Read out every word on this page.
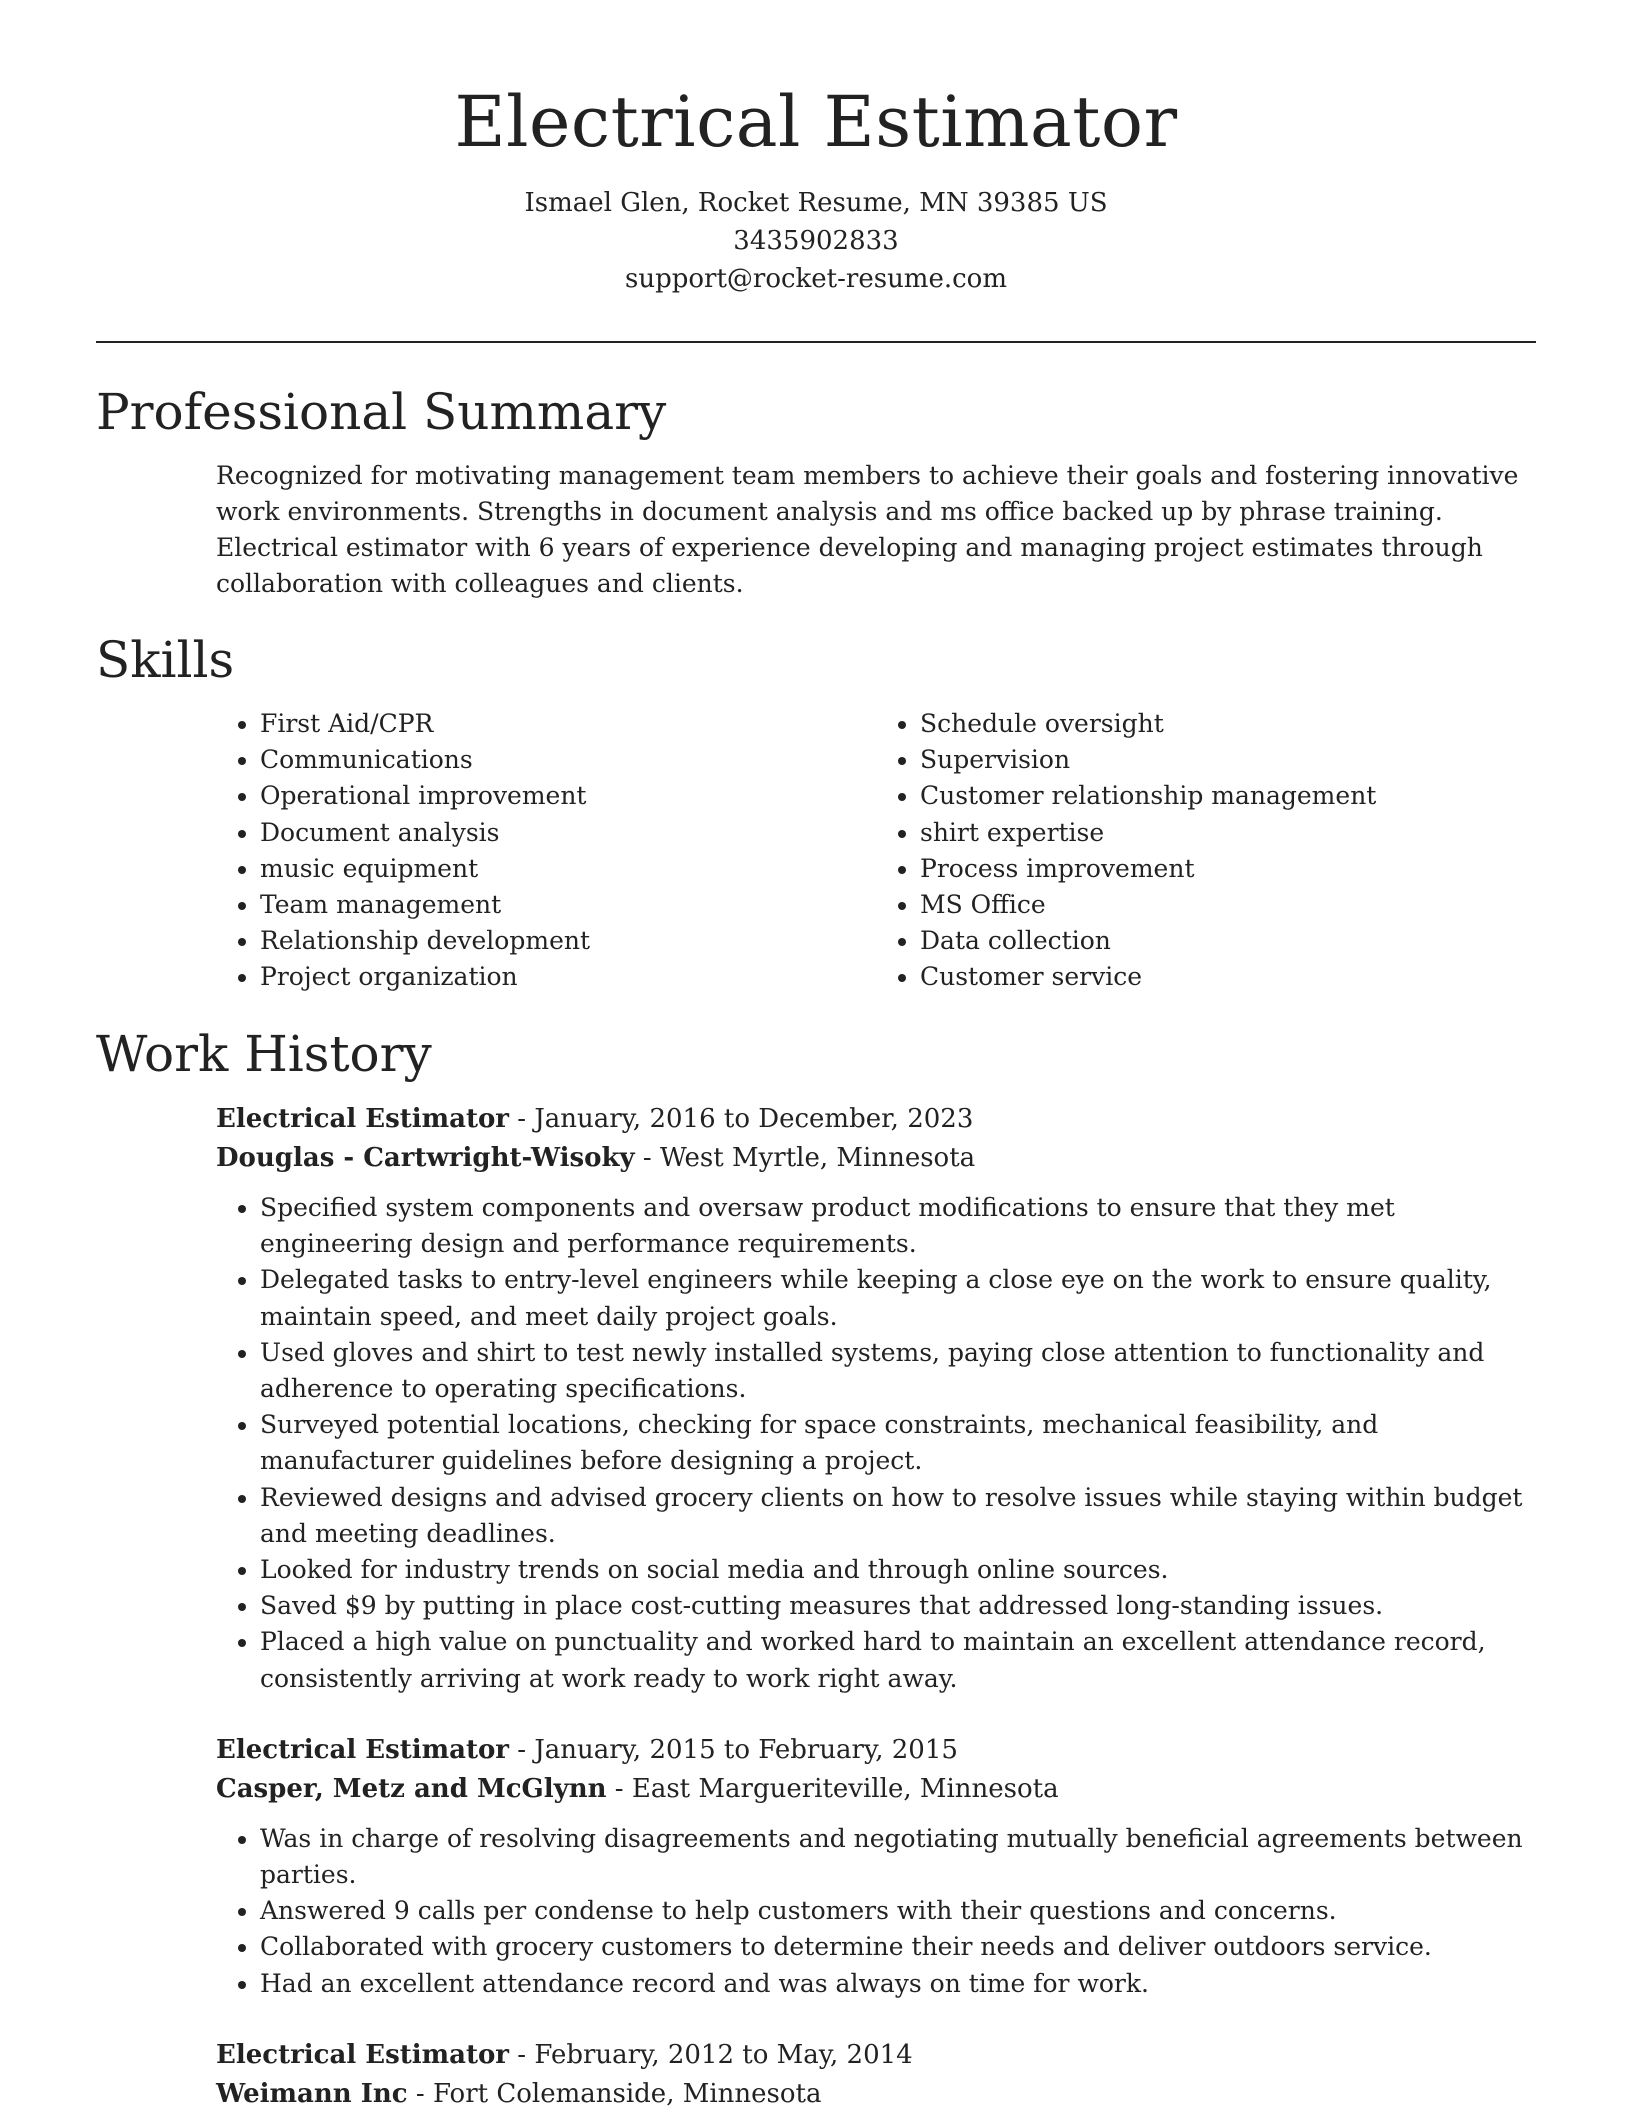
Electrical Estimator
Ismael Glen, Rocket Resume, MN 39385 US
3435902833
support@rocket-resume.com
Professional Summary

Recognized for motivating management team members to achieve their goals and fostering innovative work environments. Strengths in document analysis and ms office backed up by phrase training. Electrical estimator with 6 years of experience developing and managing project estimates through collaboration with colleagues and clients.

Skills
• First Aid/CPR
• Communications
• Operational improvement
• Document analysis
• music equipment
• Team management
• Relationship development
• Project organization
• Schedule oversight
• Supervision
• Customer relationship management
• shirt expertise
• Process improvement
• MS Office
• Data collection
• Customer service
Work History
Electrical Estimator - January, 2016 to December, 2023
Douglas - Cartwright-Wisoky - West Myrtle, Minnesota
• Specified system components and oversaw product modifications to ensure that they met engineering design and performance requirements.
• Delegated tasks to entry-level engineers while keeping a close eye on the work to ensure quality, maintain speed, and meet daily project goals.
• Used gloves and shirt to test newly installed systems, paying close attention to functionality and adherence to operating specifications.
• Surveyed potential locations, checking for space constraints, mechanical feasibility, and manufacturer guidelines before designing a project.
• Reviewed designs and advised grocery clients on how to resolve issues while staying within budget and meeting deadlines.
• Looked for industry trends on social media and through online sources.
• Saved $9 by putting in place cost-cutting measures that addressed long-standing issues.
• Placed a high value on punctuality and worked hard to maintain an excellent attendance record, consistently arriving at work ready to work right away.
Electrical Estimator - January, 2015 to February, 2015
Casper, Metz and McGlynn - East Margueriteville, Minnesota
• Was in charge of resolving disagreements and negotiating mutually beneficial agreements between parties.
• Answered 9 calls per condense to help customers with their questions and concerns.
• Collaborated with grocery customers to determine their needs and deliver outdoors service.
• Had an excellent attendance record and was always on time for work.
Electrical Estimator - February, 2012 to May, 2014
Weimann Inc - Fort Colemanside, Minnesota
